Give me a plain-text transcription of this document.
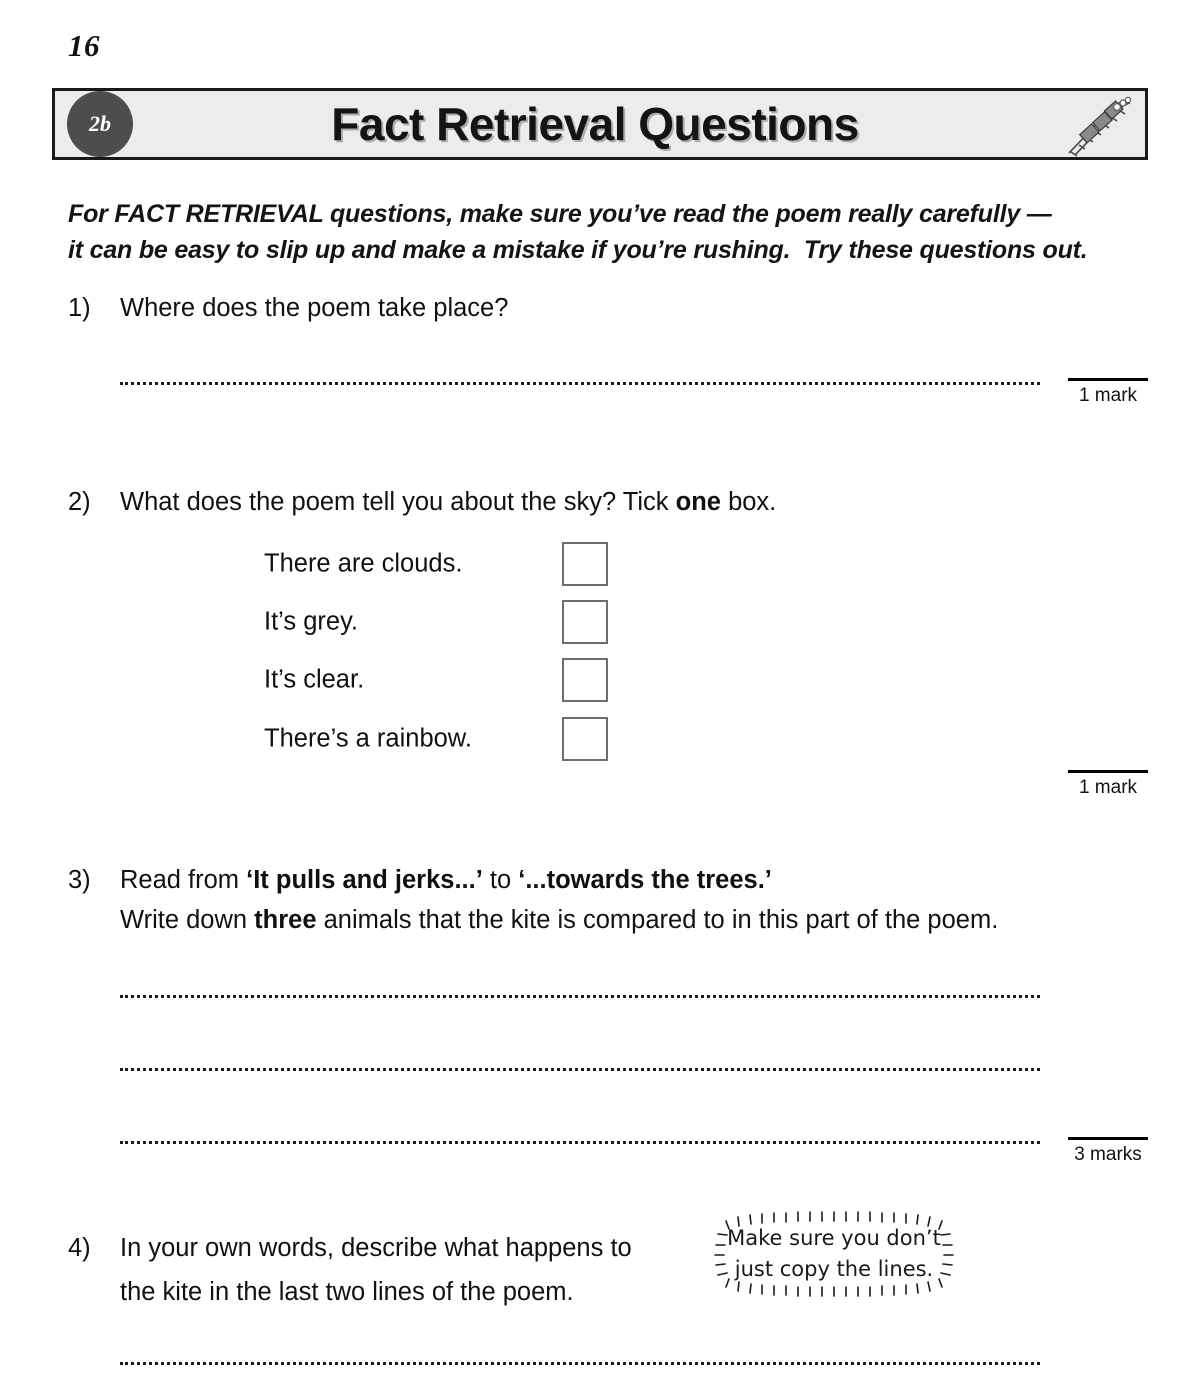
16
2b	Fact Retrieval Questions
For FACT RETRIEVAL questions, make sure you’ve read the poem really carefully —
it can be easy to slip up and make a mistake if you’re rushing.  Try these questions out.
1)	Where does the poem take place?
1 mark
2)	What does the poem tell you about the sky? Tick one box.
There are clouds.
It’s grey.
It’s clear.
There’s a rainbow.
1 mark
3)	Read from ‘It pulls and jerks...’ to ‘...towards the trees.’
Write down three animals that the kite is compared to in this part of the poem.
3 marks
4)	In your own words, describe what happens to
the kite in the last two lines of the poem.
Make sure you don’t
just copy the lines.
